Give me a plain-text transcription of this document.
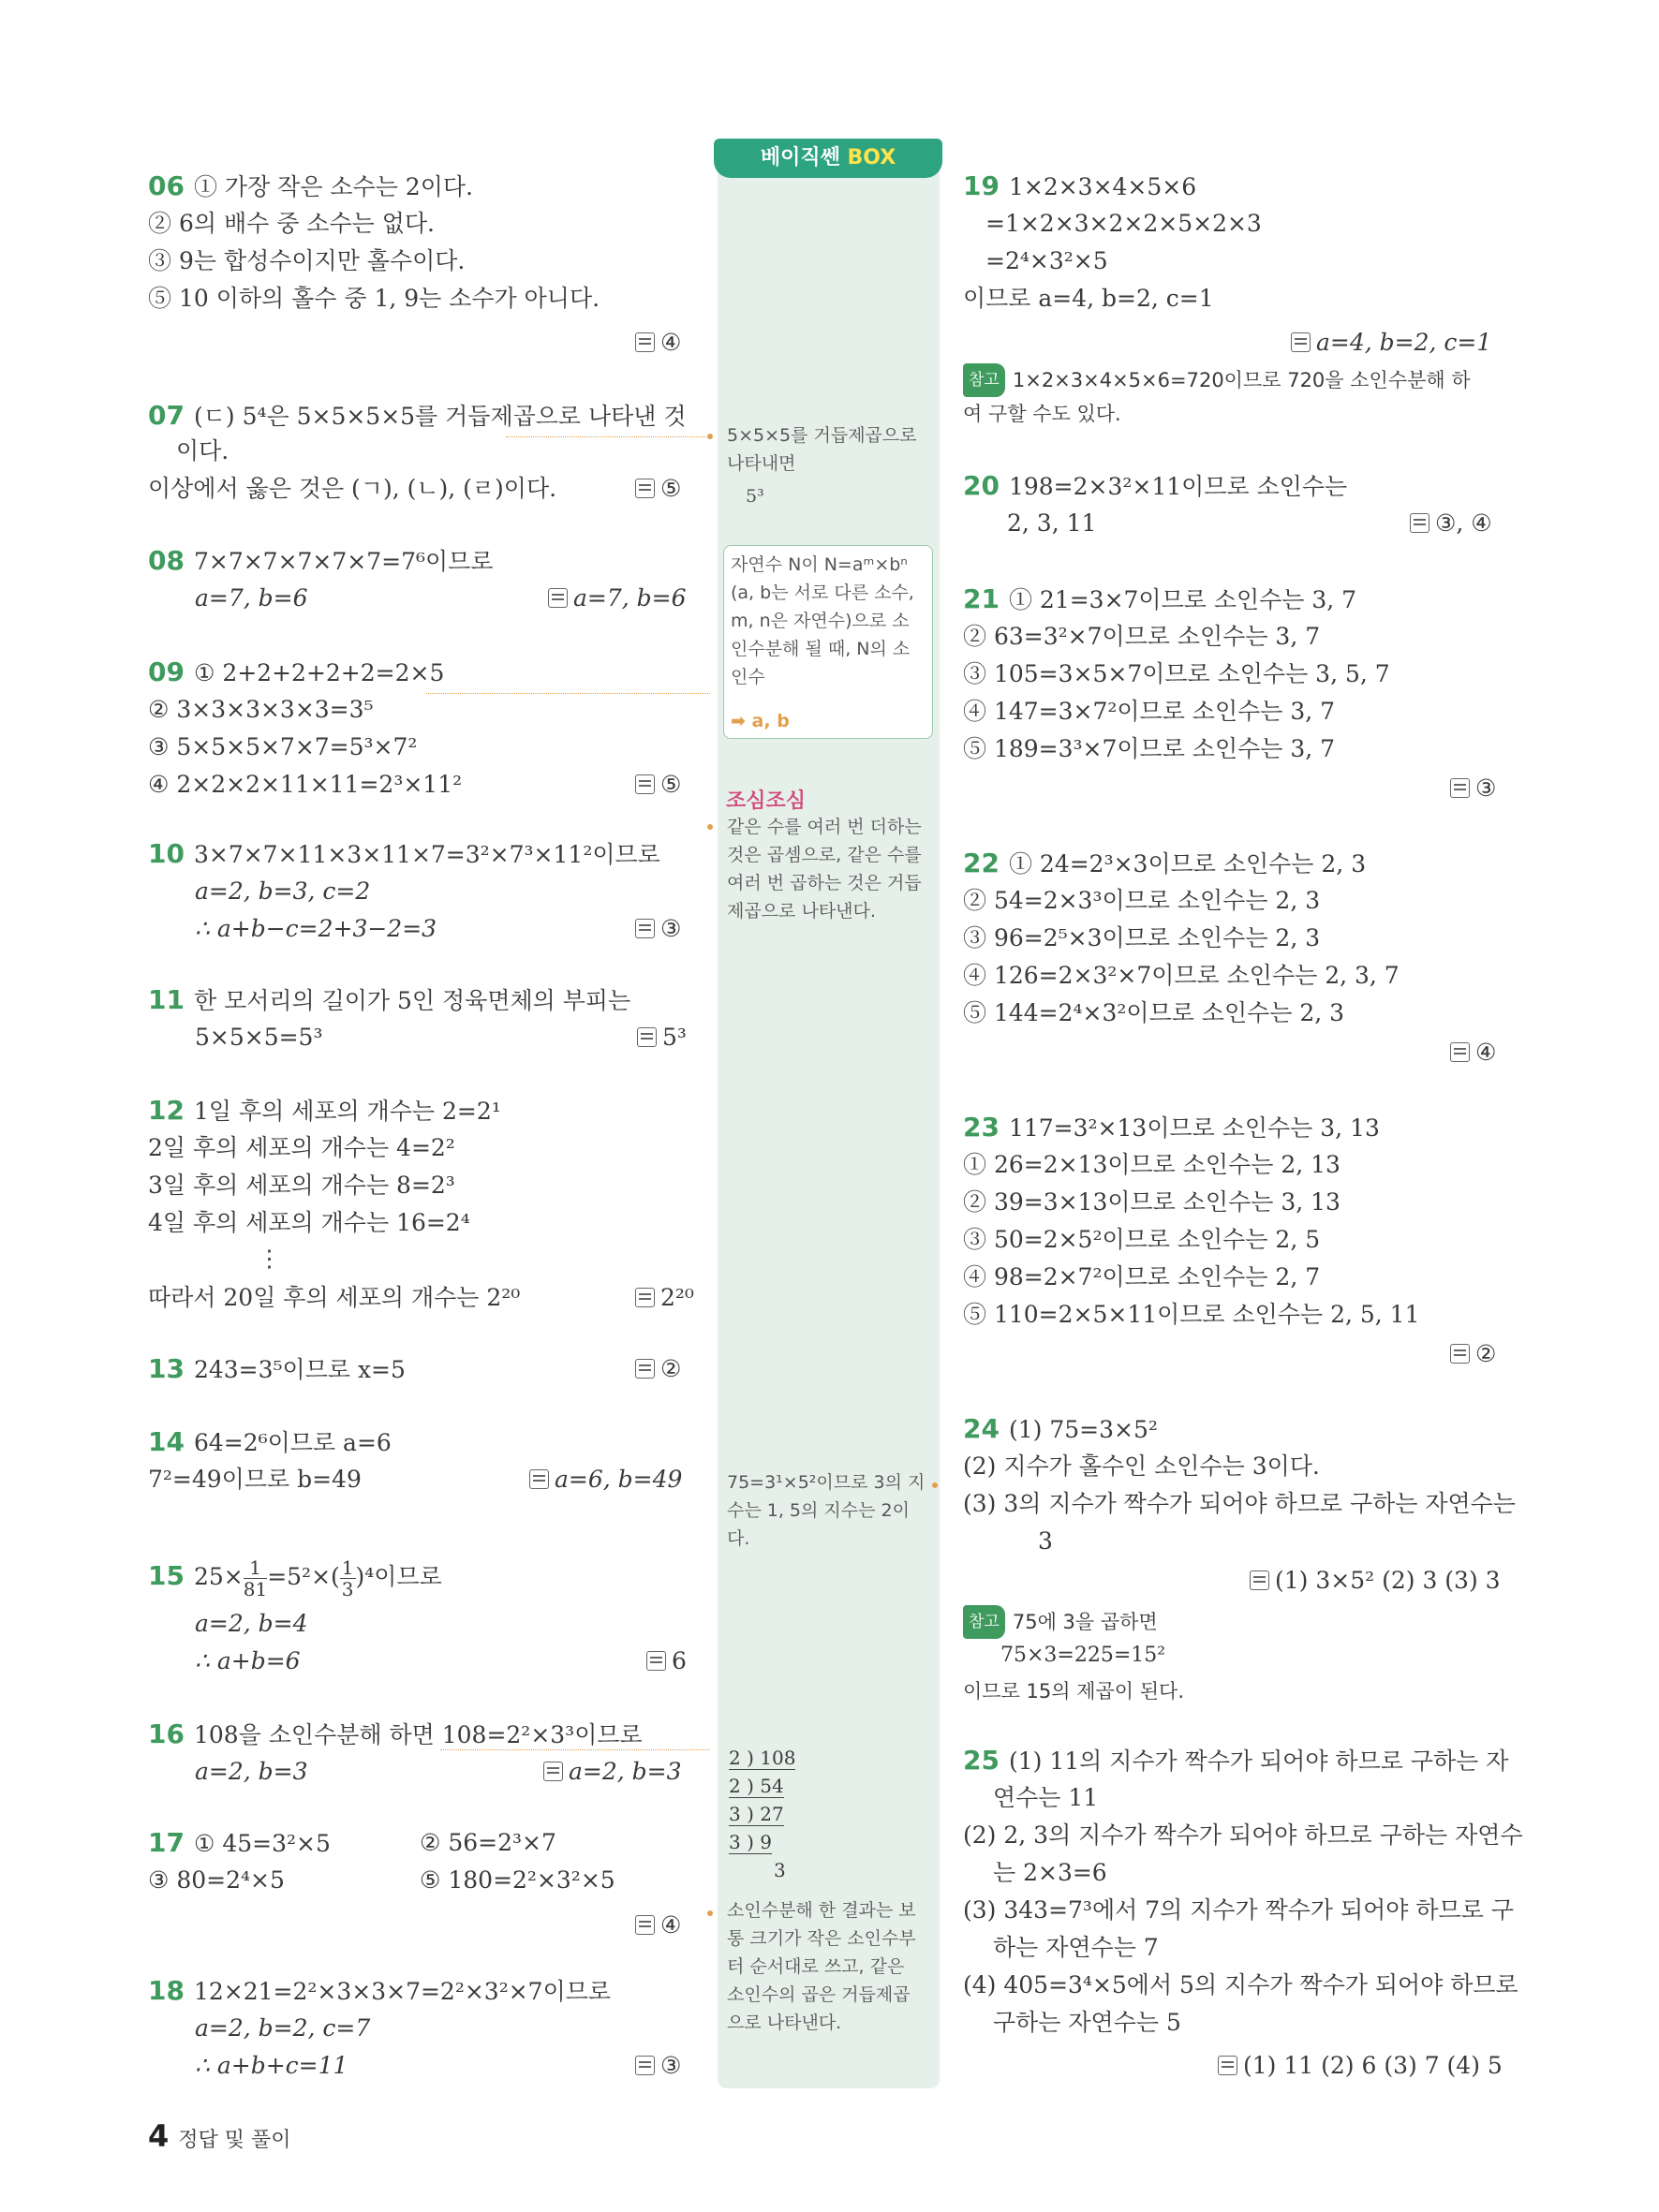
베이직쎈 BOX
06 ① 가장 작은 소수는 2이다.
② 6의 배수 중 소수는 없다.
③ 9는 합성수이지만 홀수이다.
⑤ 10 이하의 홀수 중 1, 9는 소수가 아니다.
④
07 (ㄷ) 5⁴은 5×5×5×5를 거듭제곱으로 나타낸 것
이다.
이상에서 옳은 것은 (ㄱ), (ㄴ), (ㄹ)이다.	⑤
5×5×5를 거듭제곱으로 나타내면
5³
08 7×7×7×7×7×7=7⁶이므로
a=7, b=6	a=7, b=6
자연수 N이 N=aᵐ×bⁿ (a, b는 서로 다른 소수, m, n은 자연수)으로 소인수분해 될 때, N의 소인수
➡ a, b
09 ① 2+2+2+2+2=2×5
② 3×3×3×3×3=3⁵
③ 5×5×5×7×7=5³×7²
④ 2×2×2×11×11=2³×11²	⑤
조심조심
같은 수를 여러 번 더하는 것은 곱셈으로, 같은 수를 여러 번 곱하는 것은 거듭제곱으로 나타낸다.
10 3×7×7×11×3×11×7=3²×7³×11²이므로
a=2, b=3, c=2
∴ a+b−c=2+3−2=3	③
11 한 모서리의 길이가 5인 정육면체의 부피는
5×5×5=5³	5³
12 1일 후의 세포의 개수는 2=2¹
2일 후의 세포의 개수는 4=2²
3일 후의 세포의 개수는 8=2³
4일 후의 세포의 개수는 16=2⁴
⋮
따라서 20일 후의 세포의 개수는 2²⁰	2²⁰
13 243=3⁵이므로 x=5	②
14 64=2⁶이므로 a=6
7²=49이므로 b=49	a=6, b=49	75=3¹×5²이므로 3의 지수는 1, 5의 지수는 2이다.
15 $25\times \frac{1}{81}=5^2\times( \frac{1}{3})^4$이므로
a=2, b=4
∴ a+b=6	6
16 108을 소인수분해 하면 108=2²×3³이므로
a=2, b=3	a=2, b=3	2 ) 108
2 ) 54
3 ) 27
3 ) 9
3
17 ① 45=3²×5	② 56=2³×7
③ 80=2⁴×5	⑤ 180=2²×3²×5
④
소인수분해 한 결과는 보통 크기가 작은 소인수부터 순서대로 쓰고, 같은 소인수의 곱은 거듭제곱으로 나타낸다.
18 12×21=2²×3×3×7=2²×3²×7이므로
a=2, b=2, c=7
∴ a+b+c=11	③
19 1×2×3×4×5×6
=1×2×3×2×2×5×2×3
=2⁴×3²×5
이므로 a=4, b=2, c=1
a=4, b=2, c=1
참고 1×2×3×4×5×6=720이므로 720을 소인수분해 하
여 구할 수도 있다.
20 198=2×3²×11이므로 소인수는
2, 3, 11	③, ④
21 ① 21=3×7이므로 소인수는 3, 7
② 63=3²×7이므로 소인수는 3, 7
③ 105=3×5×7이므로 소인수는 3, 5, 7
④ 147=3×7²이므로 소인수는 3, 7
⑤ 189=3³×7이므로 소인수는 3, 7
③
22 ① 24=2³×3이므로 소인수는 2, 3
② 54=2×3³이므로 소인수는 2, 3
③ 96=2⁵×3이므로 소인수는 2, 3
④ 126=2×3²×7이므로 소인수는 2, 3, 7
⑤ 144=2⁴×3²이므로 소인수는 2, 3
④
23 117=3²×13이므로 소인수는 3, 13
① 26=2×13이므로 소인수는 2, 13
② 39=3×13이므로 소인수는 3, 13
③ 50=2×5²이므로 소인수는 2, 5
④ 98=2×7²이므로 소인수는 2, 7
⑤ 110=2×5×11이므로 소인수는 2, 5, 11
②
24 (1) 75=3×5²
(2) 지수가 홀수인 소인수는 3이다.
(3) 3의 지수가 짝수가 되어야 하므로 구하는 자연수는
3
(1) 3×5² (2) 3 (3) 3
참고 75에 3을 곱하면
75×3=225=15²
이므로 15의 제곱이 된다.
25 (1) 11의 지수가 짝수가 되어야 하므로 구하는 자
연수는 11
(2) 2, 3의 지수가 짝수가 되어야 하므로 구하는 자연수
는 2×3=6
(3) 343=7³에서 7의 지수가 짝수가 되어야 하므로 구
하는 자연수는 7
(4) 405=3⁴×5에서 5의 지수가 짝수가 되어야 하므로
구하는 자연수는 5
(1) 11 (2) 6 (3) 7 (4) 5
4 정답 및 풀이
